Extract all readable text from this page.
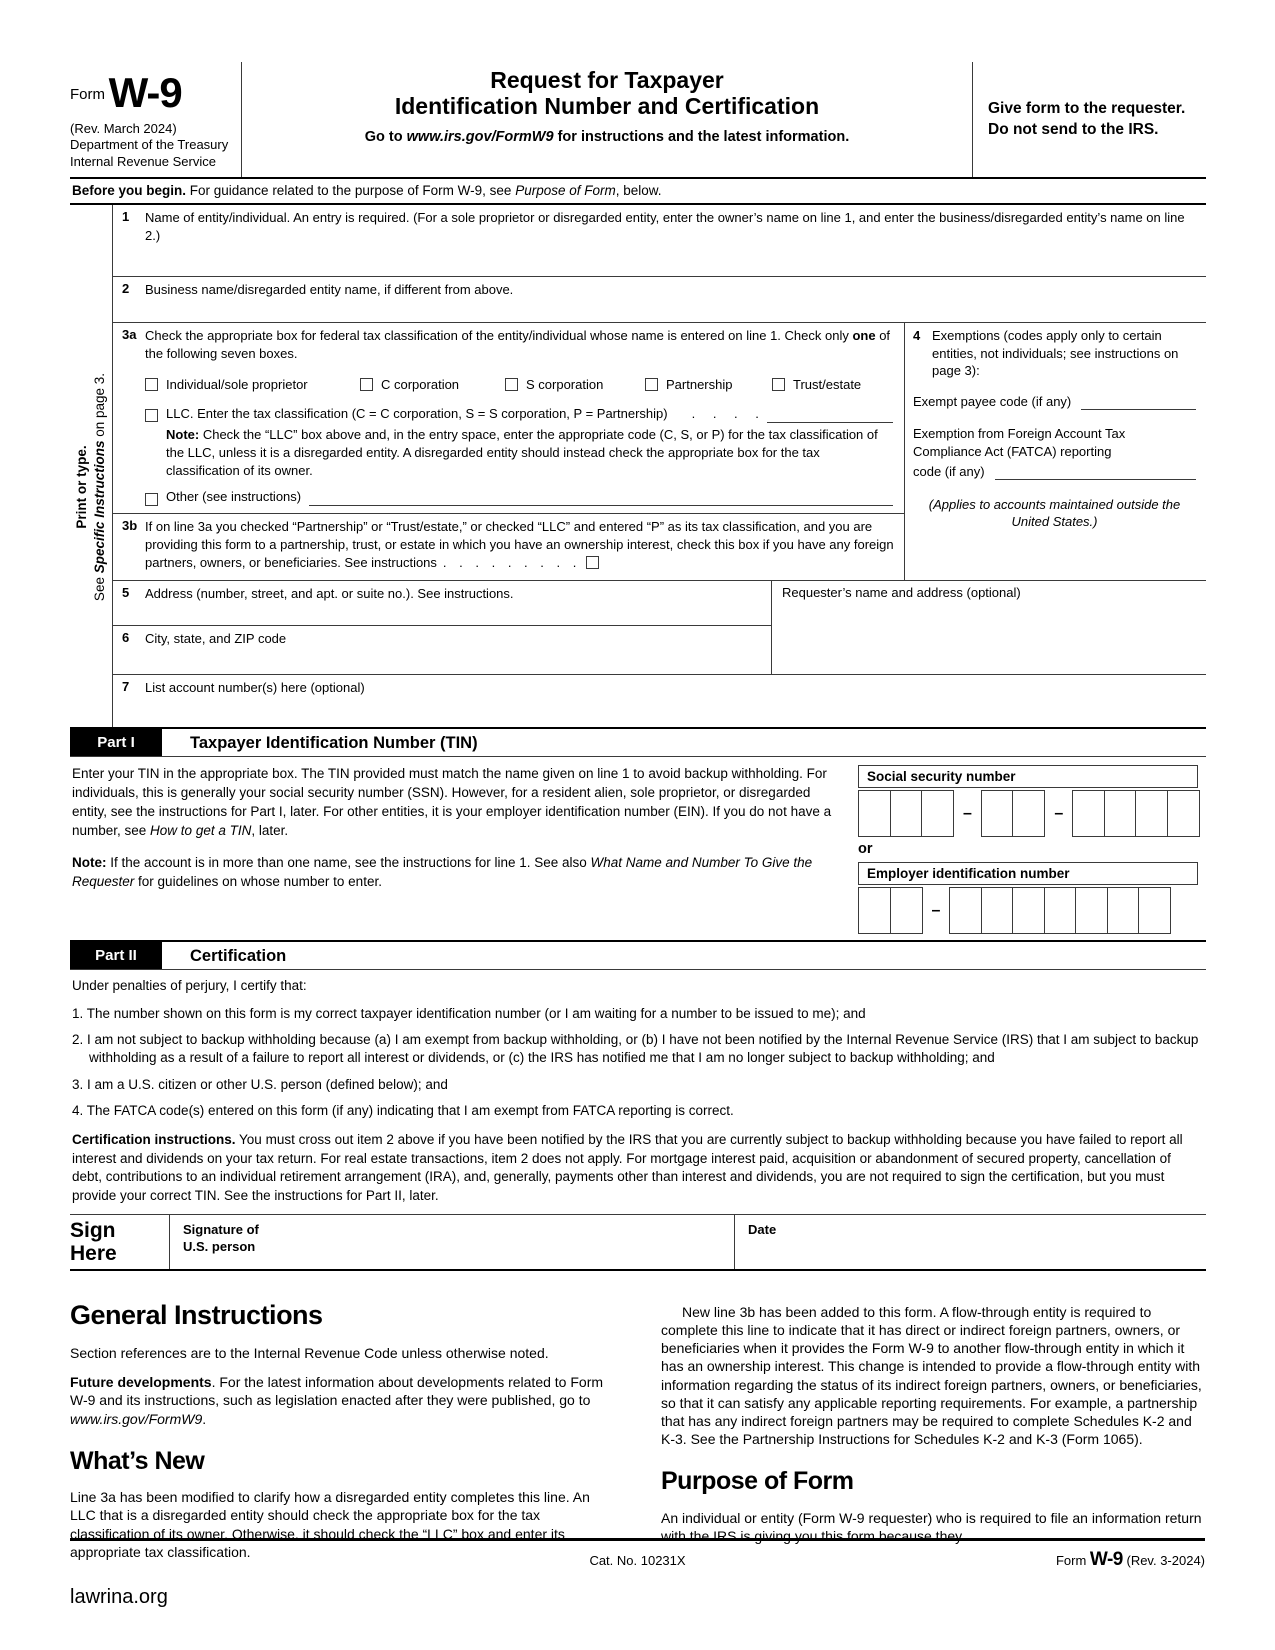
Form W-9
(Rev. March 2024)
Department of the Treasury
Internal Revenue Service
Request for Taxpayer
Identification Number and Certification
Go to www.irs.gov/FormW9 for instructions and the latest information.
Give form to the requester. Do not send to the IRS.
Before you begin. For guidance related to the purpose of Form W-9, see Purpose of Form, below.
Print or type.
See Specific Instructions on page 3.
1	Name of entity/individual. An entry is required. (For a sole proprietor or disregarded entity, enter the owner’s name on line 1, and enter the business/disregarded entity’s name on line 2.)
2	Business name/disregarded entity name, if different from above.
3a Check the appropriate box for federal tax classification of the entity/individual whose name is entered on line 1. Check only one of the following seven boxes.
Individual/sole proprietor	C corporation	S corporation	Partnership	Trust/estate
LLC. Enter the tax classification (C = C corporation, S = S corporation, P = Partnership) . . . .
Note: Check the “LLC” box above and, in the entry space, enter the appropriate code (C, S, or P) for the tax classification of the LLC, unless it is a disregarded entity. A disregarded entity should instead check the appropriate box for the tax classification of its owner.
Other (see instructions)
3b If on line 3a you checked “Partnership” or “Trust/estate,” or checked “LLC” and entered “P” as its tax classification, and you are providing this form to a partnership, trust, or estate in which you have an ownership interest, check this box if you have any foreign partners, owners, or beneficiaries. See instructions . . . . . . . . .
4 Exemptions (codes apply only to certain entities, not individuals; see instructions on page 3):
Exempt payee code (if any)
Exemption from Foreign Account Tax Compliance Act (FATCA) reporting
code (if any)
(Applies to accounts maintained outside the United States.)
5	Address (number, street, and apt. or suite no.). See instructions.
6	City, state, and ZIP code
Requester’s name and address (optional)
7	List account number(s) here (optional)
Part I	Taxpayer Identification Number (TIN)
Enter your TIN in the appropriate box. The TIN provided must match the name given on line 1 to avoid backup withholding. For individuals, this is generally your social security number (SSN). However, for a resident alien, sole proprietor, or disregarded entity, see the instructions for Part I, later. For other entities, it is your employer identification number (EIN). If you do not have a number, see How to get a TIN, later.
Note: If the account is in more than one name, see the instructions for line 1. See also What Name and Number To Give the Requester for guidelines on whose number to enter.
Social security number
–	–
or
Employer identification number
–
Part II	Certification
Under penalties of perjury, I certify that:
1. The number shown on this form is my correct taxpayer identification number (or I am waiting for a number to be issued to me); and
2. I am not subject to backup withholding because (a) I am exempt from backup withholding, or (b) I have not been notified by the Internal Revenue Service (IRS) that I am subject to backup withholding as a result of a failure to report all interest or dividends, or (c) the IRS has notified me that I am no longer subject to backup withholding; and
3. I am a U.S. citizen or other U.S. person (defined below); and
4. The FATCA code(s) entered on this form (if any) indicating that I am exempt from FATCA reporting is correct.
Certification instructions. You must cross out item 2 above if you have been notified by the IRS that you are currently subject to backup withholding because you have failed to report all interest and dividends on your tax return. For real estate transactions, item 2 does not apply. For mortgage interest paid, acquisition or abandonment of secured property, cancellation of debt, contributions to an individual retirement arrangement (IRA), and, generally, payments other than interest and dividends, you are not required to sign the certification, but you must provide your correct TIN. See the instructions for Part II, later.
Sign
Here
Signature of
U.S. person
Date
General Instructions
Section references are to the Internal Revenue Code unless otherwise noted.
Future developments. For the latest information about developments related to Form W-9 and its instructions, such as legislation enacted after they were published, go to www.irs.gov/FormW9.
What’s New
Line 3a has been modified to clarify how a disregarded entity completes this line. An LLC that is a disregarded entity should check the appropriate box for the tax classification of its owner. Otherwise, it should check the “LLC” box and enter its appropriate tax classification.
New line 3b has been added to this form. A flow-through entity is required to complete this line to indicate that it has direct or indirect foreign partners, owners, or beneficiaries when it provides the Form W-9 to another flow-through entity in which it has an ownership interest. This change is intended to provide a flow-through entity with information regarding the status of its indirect foreign partners, owners, or beneficiaries, so that it can satisfy any applicable reporting requirements. For example, a partnership that has any indirect foreign partners may be required to complete Schedules K-2 and K-3. See the Partnership Instructions for Schedules K-2 and K-3 (Form 1065).
Purpose of Form
An individual or entity (Form W-9 requester) who is required to file an information return with the IRS is giving you this form because they
Cat. No. 10231X	Form W-9 (Rev. 3-2024)
lawrina.org
